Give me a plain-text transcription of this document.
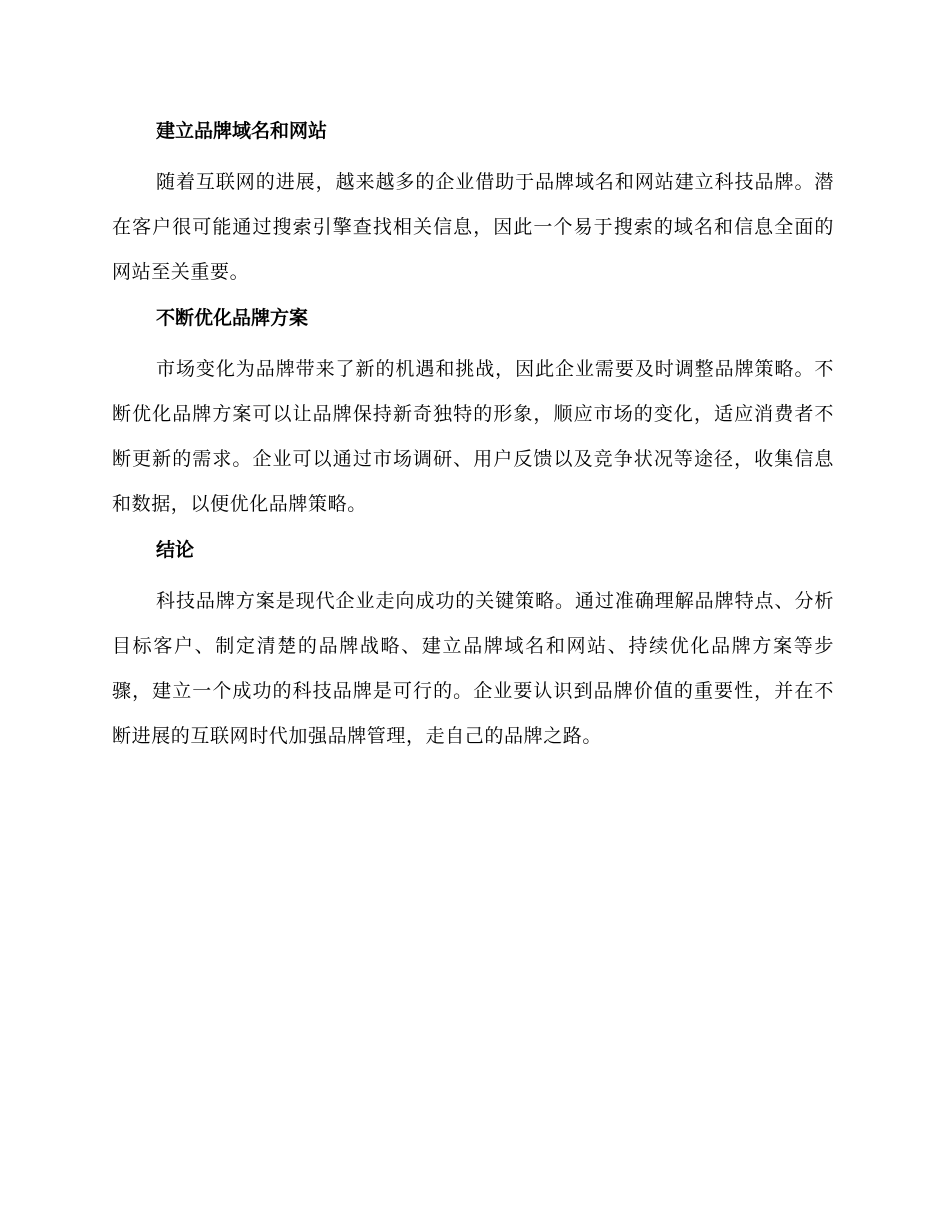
建立品牌域名和网站

随着互联网的进展，越来越多的企业借助于品牌域名和网站建立科技品牌。潜在客户很可能通过搜索引擎查找相关信息，因此一个易于搜索的域名和信息全面的网站至关重要。

不断优化品牌方案

市场变化为品牌带来了新的机遇和挑战，因此企业需要及时调整品牌策略。不断优化品牌方案可以让品牌保持新奇独特的形象，顺应市场的变化，适应消费者不断更新的需求。企业可以通过市场调研、用户反馈以及竞争状况等途径，收集信息和数据，以便优化品牌策略。

结论

科技品牌方案是现代企业走向成功的关键策略。通过准确理解品牌特点、分析目标客户、制定清楚的品牌战略、建立品牌域名和网站、持续优化品牌方案等步骤，建立一个成功的科技品牌是可行的。企业要认识到品牌价值的重要性，并在不断进展的互联网时代加强品牌管理，走自己的品牌之路。
